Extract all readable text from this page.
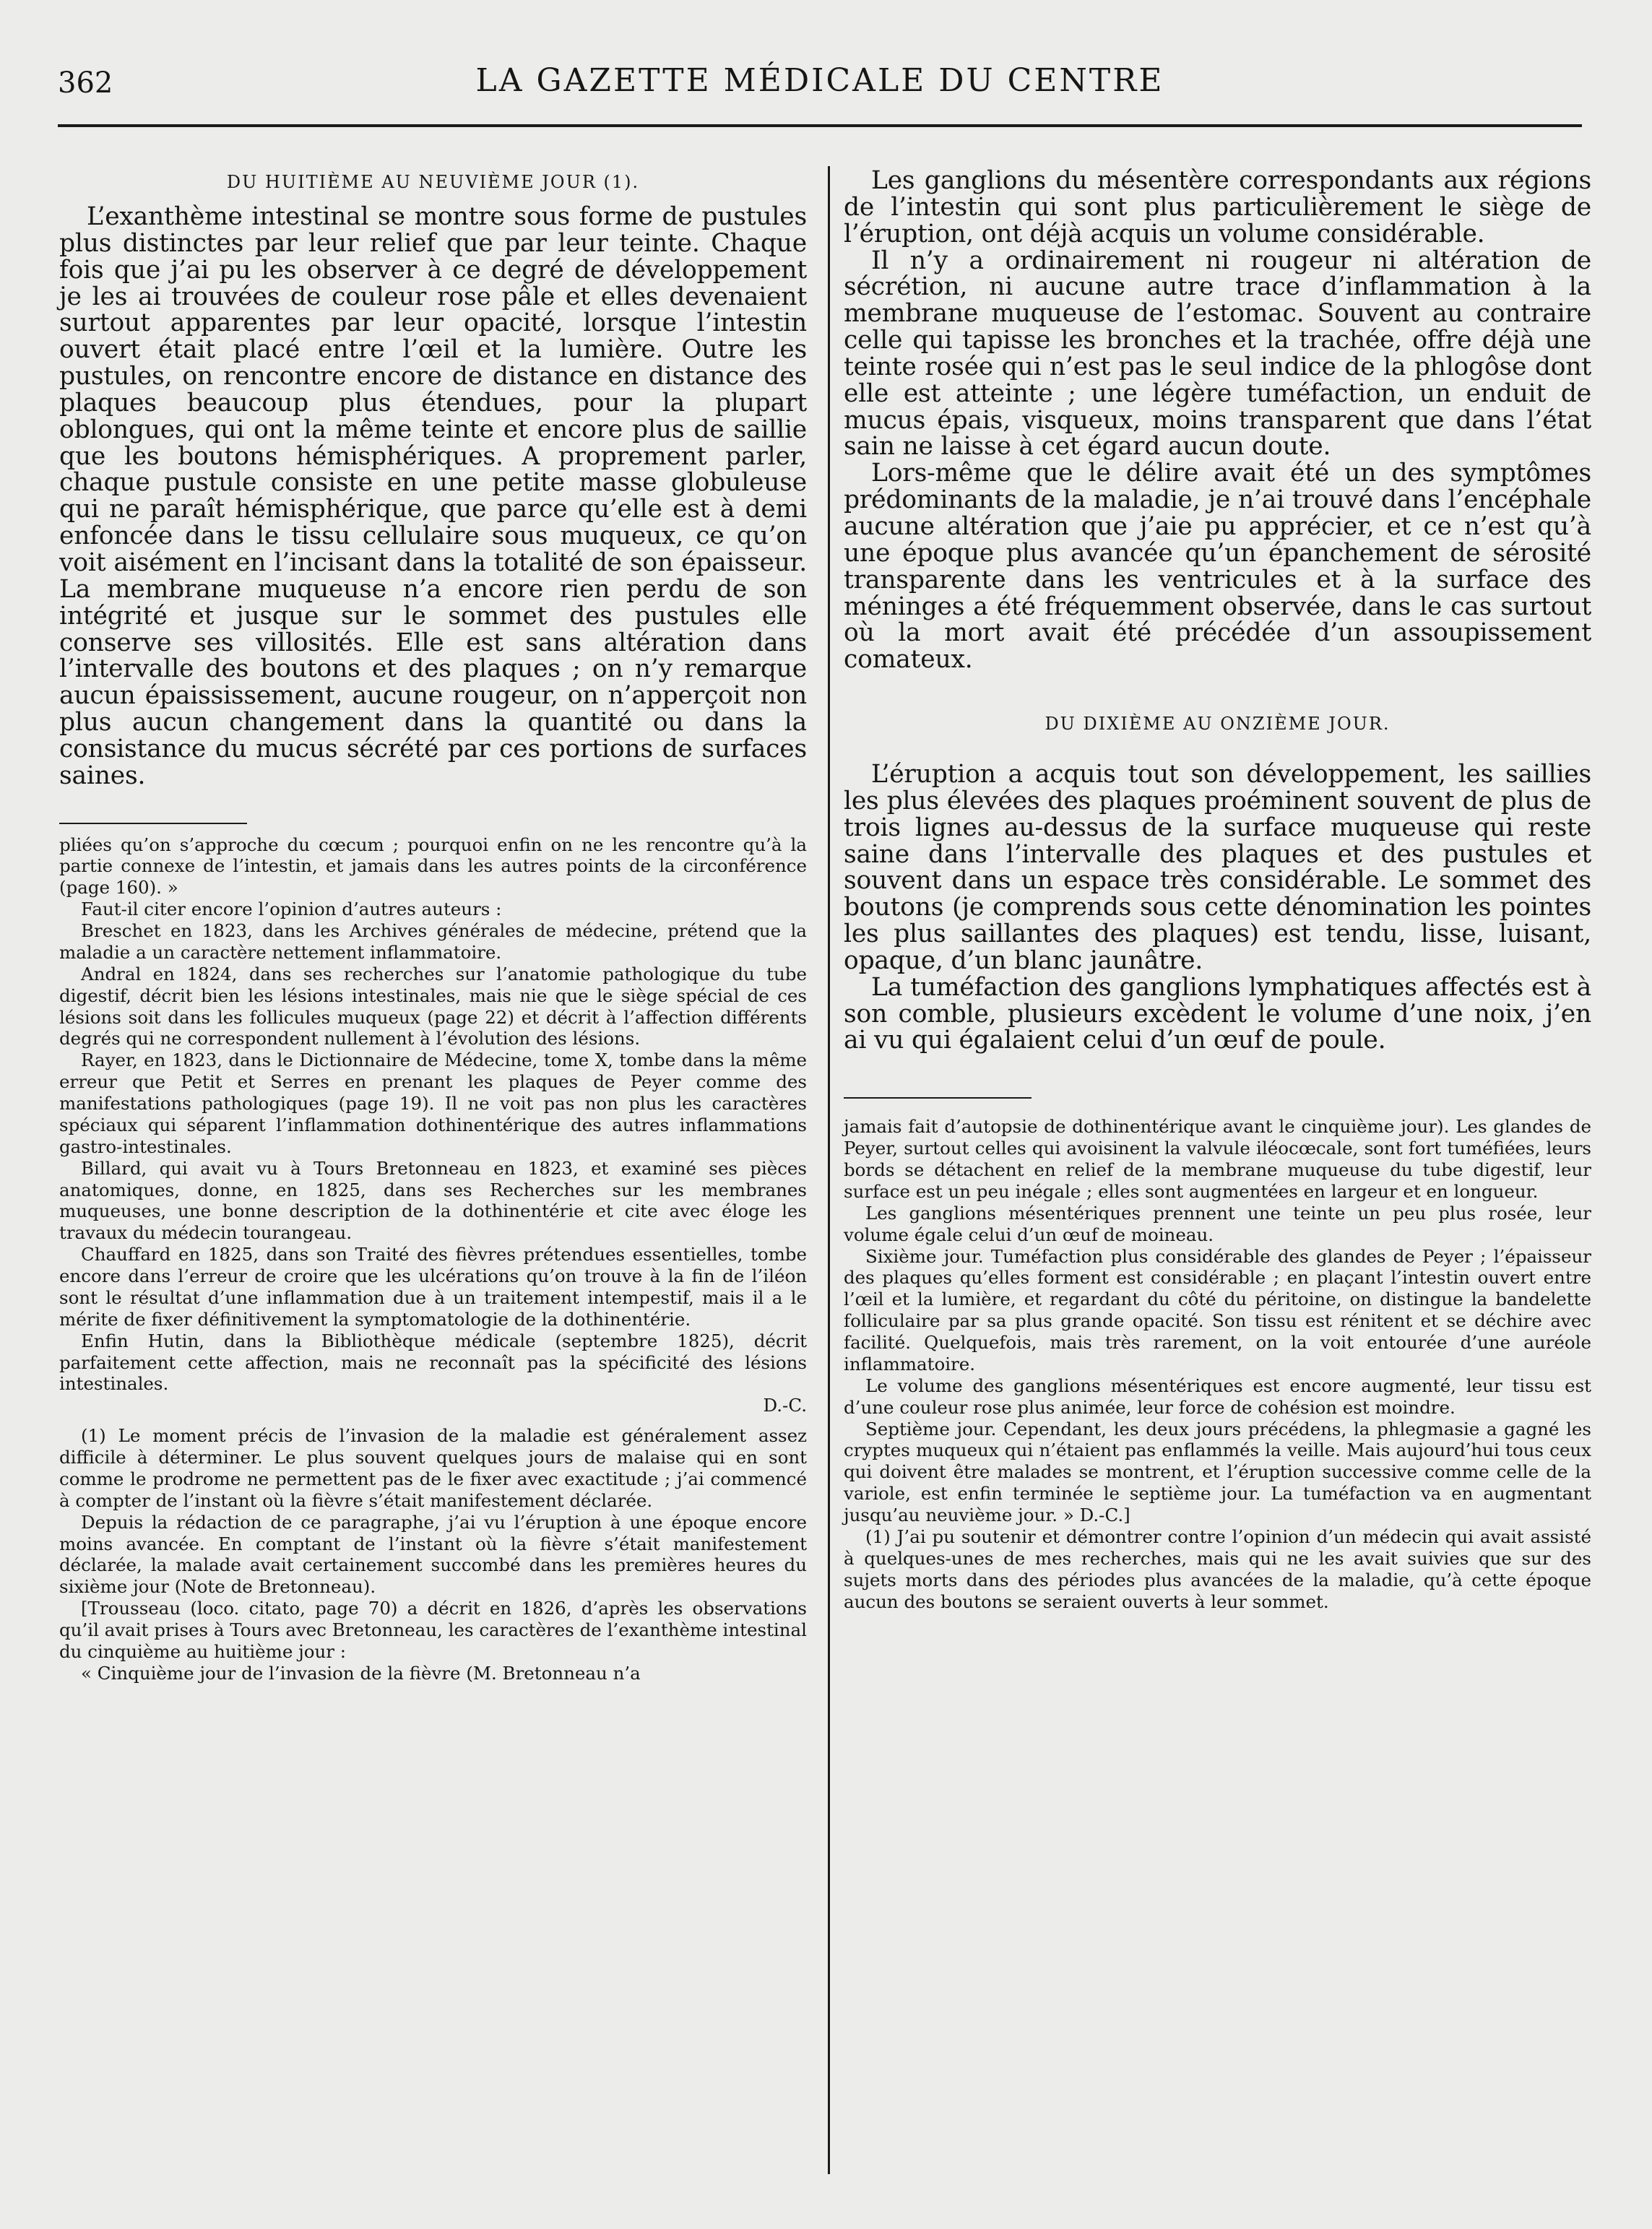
362	LA GAZETTE MÉDICALE DU CENTRE
DU HUITIÈME AU NEUVIÈME JOUR (1).

L’exanthème intestinal se montre sous forme de pustules plus distinctes par leur relief que par leur teinte. Chaque fois que j’ai pu les observer à ce degré de développement je les ai trouvées de couleur rose pâle et elles devenaient surtout apparentes par leur opacité, lorsque l’intestin ouvert était placé entre l’œil et la lumière. Outre les pustules, on rencontre encore de distance en distance des plaques beaucoup plus étendues, pour la plupart oblongues, qui ont la même teinte et encore plus de saillie que les boutons hémisphériques. A proprement parler, chaque pustule consiste en une petite masse globuleuse qui ne paraît hémisphérique, que parce qu’elle est à demi enfoncée dans le tissu cellulaire sous muqueux, ce qu’on voit aisément en l’incisant dans la totalité de son épaisseur. La membrane muqueuse n’a encore rien perdu de son intégrité et jusque sur le sommet des pustules elle conserve ses villosités. Elle est sans altération dans l’intervalle des boutons et des plaques ; on n’y remarque aucun épaississement, aucune rougeur, on n’apperçoit non plus aucun changement dans la quantité ou dans la consistance du mucus sécrété par ces portions de surfaces saines.

pliées qu’on s’approche du cœcum ; pourquoi enfin on ne les rencontre qu’à la partie connexe de l’intestin, et jamais dans les autres points de la circonférence (page 160). »

Faut-il citer encore l’opinion d’autres auteurs :

Breschet en 1823, dans les Archives générales de médecine, prétend que la maladie a un caractère nettement inflammatoire.

Andral en 1824, dans ses recherches sur l’anatomie pathologique du tube digestif, décrit bien les lésions intestinales, mais nie que le siège spécial de ces lésions soit dans les follicules muqueux (page 22) et décrit à l’affection différents degrés qui ne correspondent nullement à l’évolution des lésions.

Rayer, en 1823, dans le Dictionnaire de Médecine, tome X, tombe dans la même erreur que Petit et Serres en prenant les plaques de Peyer comme des manifestations pathologiques (page 19). Il ne voit pas non plus les caractères spéciaux qui séparent l’inflammation dothinentérique des autres inflammations gastro-intestinales.

Billard, qui avait vu à Tours Bretonneau en 1823, et examiné ses pièces anatomiques, donne, en 1825, dans ses Recherches sur les membranes muqueuses, une bonne description de la dothinentérie et cite avec éloge les travaux du médecin tourangeau.

Chauffard en 1825, dans son Traité des fièvres prétendues essentielles, tombe encore dans l’erreur de croire que les ulcérations qu’on trouve à la fin de l’iléon sont le résultat d’une inflammation due à un traitement intempestif, mais il a le mérite de fixer définitivement la symptomatologie de la dothinentérie.

Enfin Hutin, dans la Bibliothèque médicale (septembre 1825), décrit parfaitement cette affection, mais ne reconnaît pas la spécificité des lésions intestinales.

D.-C.

(1) Le moment précis de l’invasion de la maladie est généralement assez difficile à déterminer. Le plus souvent quelques jours de malaise qui en sont comme le prodrome ne permettent pas de le fixer avec exactitude ; j’ai commencé à compter de l’instant où la fièvre s’était manifestement déclarée.

Depuis la rédaction de ce paragraphe, j’ai vu l’éruption à une époque encore moins avancée. En comptant de l’instant où la fièvre s’était manifestement déclarée, la malade avait certainement succombé dans les premières heures du sixième jour (Note de Bretonneau).

[Trousseau (loco. citato, page 70) a décrit en 1826, d’après les observations qu’il avait prises à Tours avec Bretonneau, les caractères de l’exanthème intestinal du cinquième au huitième jour :

« Cinquième jour de l’invasion de la fièvre (M. Bretonneau n’a

Les ganglions du mésentère correspondants aux régions de l’intestin qui sont plus particulièrement le siège de l’éruption, ont déjà acquis un volume considérable.

Il n’y a ordinairement ni rougeur ni altération de sécrétion, ni aucune autre trace d’inflammation à la membrane muqueuse de l’estomac. Souvent au contraire celle qui tapisse les bronches et la trachée, offre déjà une teinte rosée qui n’est pas le seul indice de la phlogôse dont elle est atteinte ; une légère tuméfaction, un enduit de mucus épais, visqueux, moins transparent que dans l’état sain ne laisse à cet égard aucun doute.

Lors-même que le délire avait été un des symptômes prédominants de la maladie, je n’ai trouvé dans l’encéphale aucune altération que j’aie pu apprécier, et ce n’est qu’à une époque plus avancée qu’un épanchement de sérosité transparente dans les ventricules et à la surface des méninges a été fréquemment observée, dans le cas surtout où la mort avait été précédée d’un assoupissement comateux.

DU DIXIÈME AU ONZIÈME JOUR.

L’éruption a acquis tout son développement, les saillies les plus élevées des plaques proéminent souvent de plus de trois lignes au-dessus de la surface muqueuse qui reste saine dans l’intervalle des plaques et des pustules et souvent dans un espace très considérable. Le sommet des boutons (je comprends sous cette dénomination les pointes les plus saillantes des plaques) est tendu, lisse, luisant, opaque, d’un blanc jaunâtre.

La tuméfaction des ganglions lymphatiques affectés est à son comble, plusieurs excèdent le volume d’une noix, j’en ai vu qui égalaient celui d’un œuf de poule.

jamais fait d’autopsie de dothinentérique avant le cinquième jour). Les glandes de Peyer, surtout celles qui avoisinent la valvule iléocœcale, sont fort tuméfiées, leurs bords se détachent en relief de la membrane muqueuse du tube digestif, leur surface est un peu inégale ; elles sont augmentées en largeur et en longueur.

Les ganglions mésentériques prennent une teinte un peu plus rosée, leur volume égale celui d’un œuf de moineau.

Sixième jour. Tuméfaction plus considérable des glandes de Peyer ; l’épaisseur des plaques qu’elles forment est considérable ; en plaçant l’intestin ouvert entre l’œil et la lumière, et regardant du côté du péritoine, on distingue la bandelette folliculaire par sa plus grande opacité. Son tissu est rénitent et se déchire avec facilité. Quelquefois, mais très rarement, on la voit entourée d’une auréole inflammatoire.

Le volume des ganglions mésentériques est encore augmenté, leur tissu est d’une couleur rose plus animée, leur force de cohésion est moindre.

Septième jour. Cependant, les deux jours précédens, la phlegmasie a gagné les cryptes muqueux qui n’étaient pas enflammés la veille. Mais aujourd’hui tous ceux qui doivent être malades se montrent, et l’éruption successive comme celle de la variole, est enfin terminée le septième jour. La tuméfaction va en augmentant jusqu’au neuvième jour. » D.-C.]

(1) J’ai pu soutenir et démontrer contre l’opinion d’un médecin qui avait assisté à quelques-unes de mes recherches, mais qui ne les avait suivies que sur des sujets morts dans des périodes plus avancées de la maladie, qu’à cette époque aucun des boutons se seraient ouverts à leur sommet.
